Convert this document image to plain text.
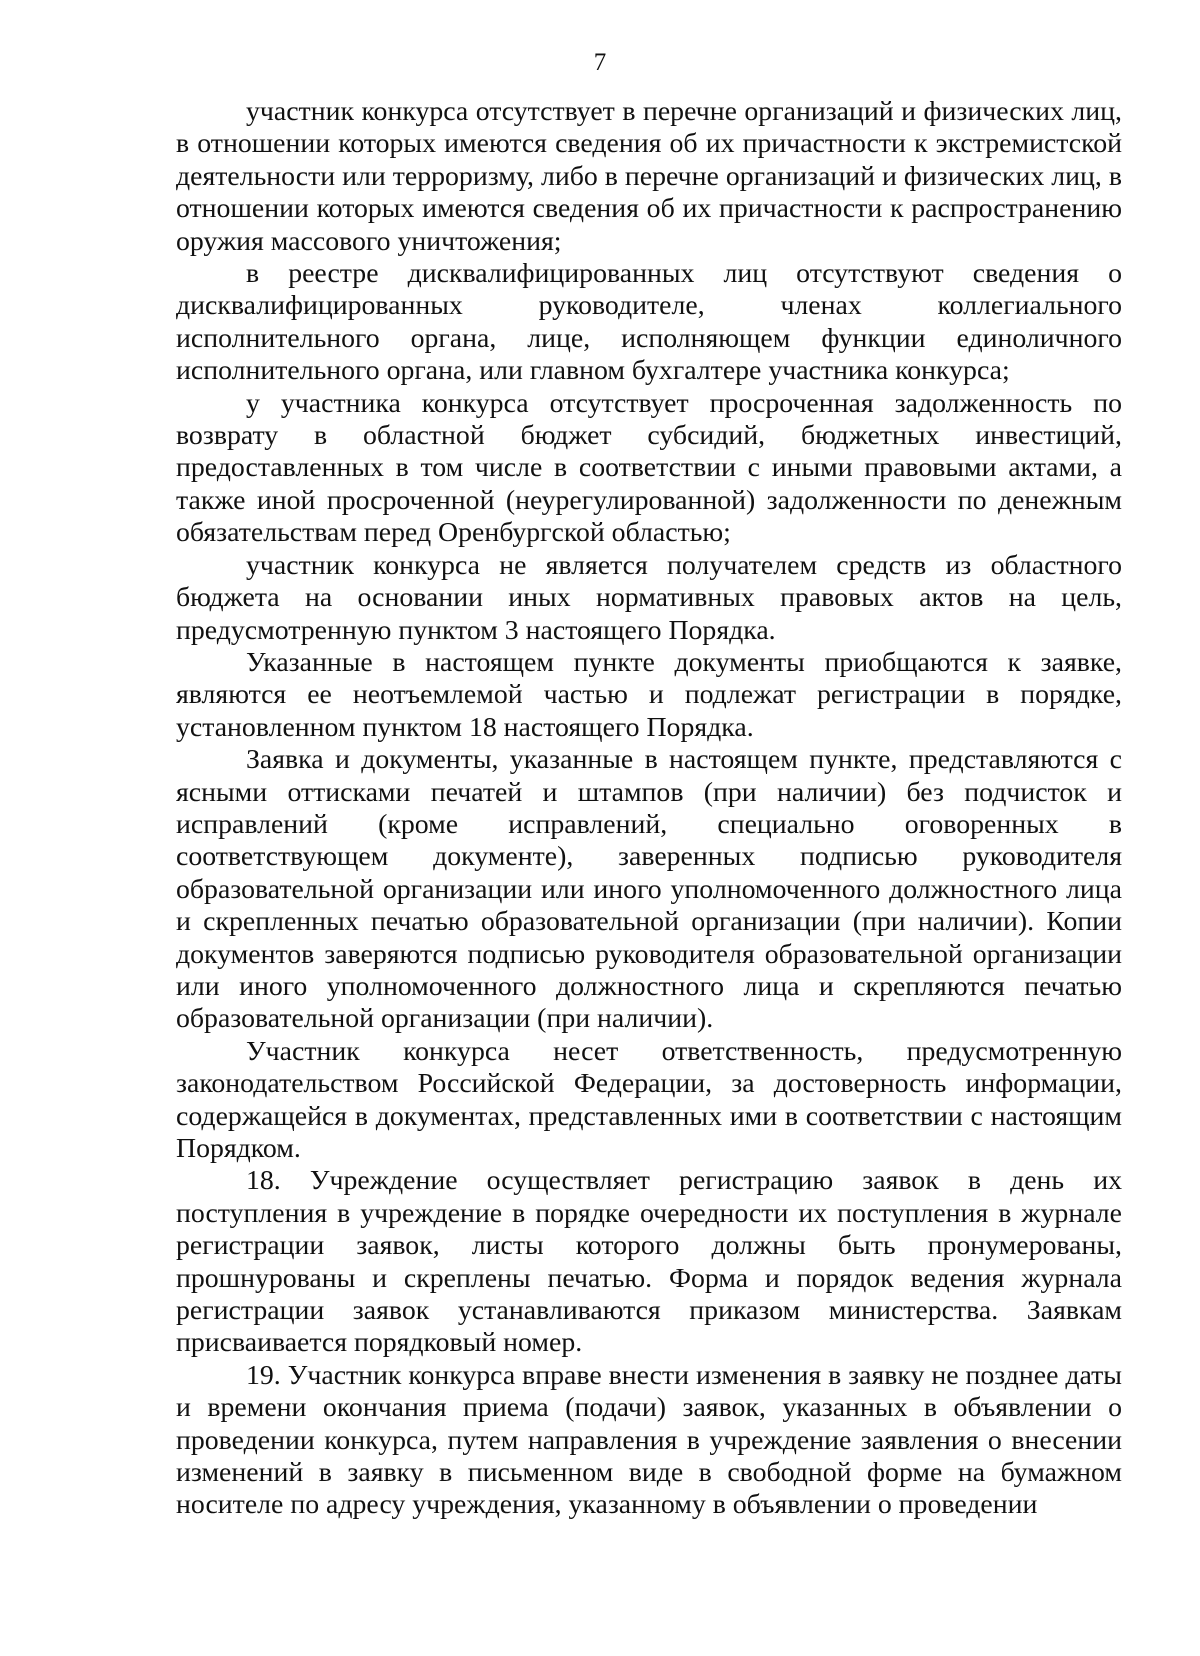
7

участник конкурса отсутствует в перечне организаций и физических лиц, в отношении которых имеются сведения об их причастности к экстремистской деятельности или терроризму, либо в перечне организаций и физических лиц, в отношении которых имеются сведения об их причастности к распространению оружия массового уничтожения;

в реестре дисквалифицированных лиц отсутствуют сведения о дисквалифицированных руководителе, членах коллегиального исполнительного органа, лице, исполняющем функции единоличного исполнительного органа, или главном бухгалтере участника конкурса;

у участника конкурса отсутствует просроченная задолженность по возврату в областной бюджет субсидий, бюджетных инвестиций, предоставленных в том числе в соответствии с иными правовыми актами, а также иной просроченной (неурегулированной) задолженности по денежным обязательствам перед Оренбургской областью;

участник конкурса не является получателем средств из областного бюджета на основании иных нормативных правовых актов на цель, предусмотренную пунктом 3 настоящего Порядка.

Указанные в настоящем пункте документы приобщаются к заявке, являются ее неотъемлемой частью и подлежат регистрации в порядке, установленном пунктом 18 настоящего Порядка.

Заявка и документы, указанные в настоящем пункте, представляются с ясными оттисками печатей и штампов (при наличии) без подчисток и исправлений (кроме исправлений, специально оговоренных в соответствующем документе), заверенных подписью руководителя образовательной организации или иного уполномоченного должностного лица и скрепленных печатью образовательной организации (при наличии). Копии документов заверяются подписью руководителя образовательной организации или иного уполномоченного должностного лица и скрепляются печатью образовательной организации (при наличии).

Участник конкурса несет ответственность, предусмотренную законодательством Российской Федерации, за достоверность информации, содержащейся в документах, представленных ими в соответствии с настоящим Порядком.

18. Учреждение осуществляет регистрацию заявок в день их поступления в учреждение в порядке очередности их поступления в журнале регистрации заявок, листы которого должны быть пронумерованы, прошнурованы и скреплены печатью. Форма и порядок ведения журнала регистрации заявок устанавливаются приказом министерства. Заявкам присваивается порядковый номер.

19. Участник конкурса вправе внести изменения в заявку не позднее даты и времени окончания приема (подачи) заявок, указанных в объявлении о проведении конкурса, путем направления в учреждение заявления о внесении изменений в заявку в письменном виде в свободной форме на бумажном носителе по адресу учреждения, указанному в объявлении о проведении
